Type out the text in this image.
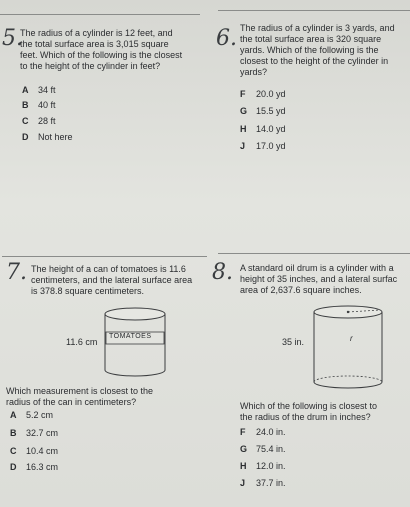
5.
The radius of a cylinder is 12 feet, and
the total surface area is 3,015 square
feet. Which of the following is the closest
to the height of the cylinder in feet?
A 34 ft
B 40 ft
C 28 ft
D Not here
6. The radius of a cylinder is 3 yards, and
the total surface area is 320 square
yards. Which of the following is the
closest to the height of the cylinder in
yards?
F 20.0 yd
G 15.5 yd
H 14.0 yd
J 17.0 yd
7. The height of a can of tomatoes is 11.6
centimeters, and the lateral surface area
is 378.8 square centimeters.
11.6 cm
TOMATOES
Which measurement is closest to the
radius of the can in centimeters?
A 5.2 cm
B 32.7 cm
C 10.4 cm
D 16.3 cm
8. A standard oil drum is a cylinder with a
height of 35 inches, and a lateral surfac
area of 2,637.6 square inches.
35 in.	r
Which of the following is closest to
the radius of the drum in inches?
F 24.0 in.
G 75.4 in.
H 12.0 in.
J 37.7 in.
